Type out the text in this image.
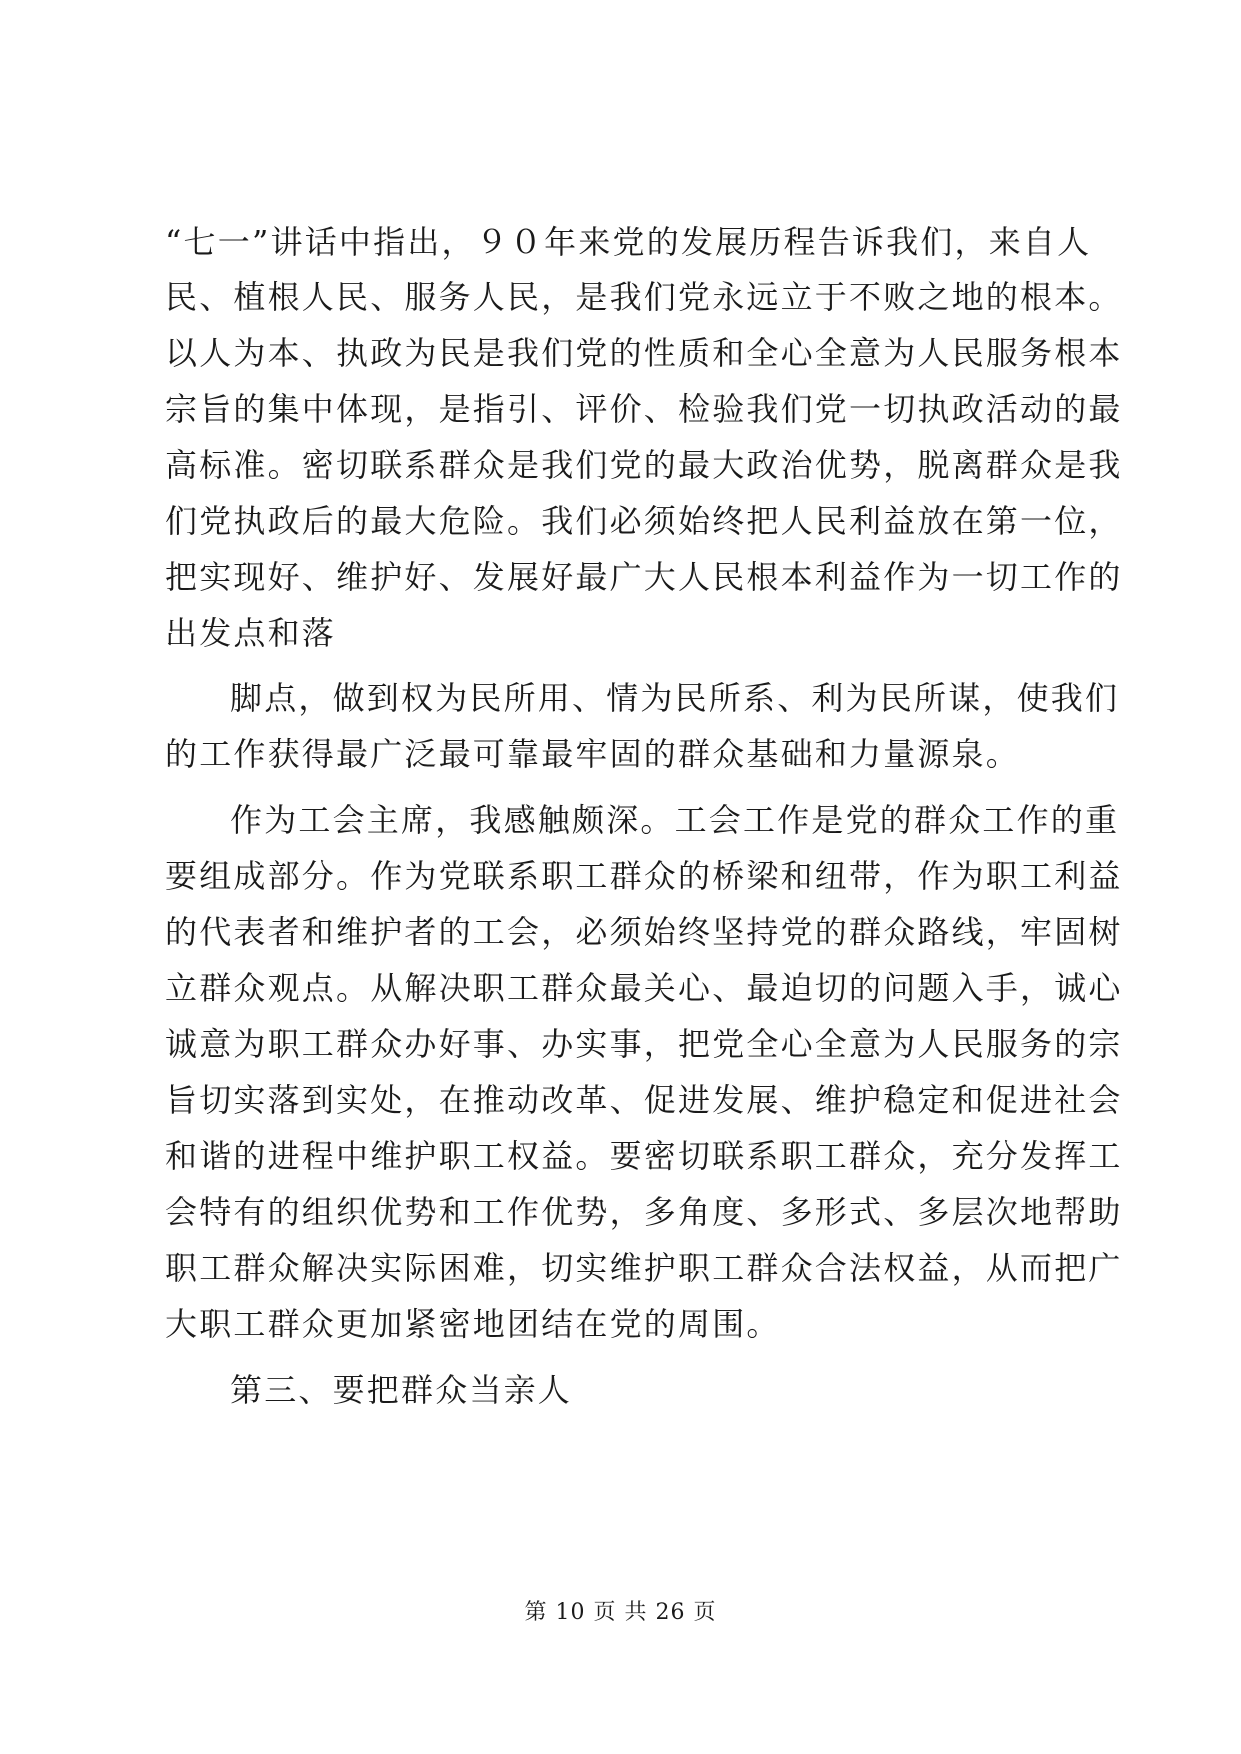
“七一”讲话中指出，９０年来党的发展历程告诉我们，来自人
民、植根人民、服务人民，是我们党永远立于不败之地的根本。
以人为本、执政为民是我们党的性质和全心全意为人民服务根本
宗旨的集中体现，是指引、评价、检验我们党一切执政活动的最
高标准。密切联系群众是我们党的最大政治优势，脱离群众是我
们党执政后的最大危险。我们必须始终把人民利益放在第一位，
把实现好、维护好、发展好最广大人民根本利益作为一切工作的
出发点和落
脚点，做到权为民所用、情为民所系、利为民所谋，使我们
的工作获得最广泛最可靠最牢固的群众基础和力量源泉。
作为工会主席，我感触颇深。工会工作是党的群众工作的重
要组成部分。作为党联系职工群众的桥梁和纽带，作为职工利益
的代表者和维护者的工会，必须始终坚持党的群众路线，牢固树
立群众观点。从解决职工群众最关心、最迫切的问题入手，诚心
诚意为职工群众办好事、办实事，把党全心全意为人民服务的宗
旨切实落到实处，在推动改革、促进发展、维护稳定和促进社会
和谐的进程中维护职工权益。要密切联系职工群众，充分发挥工
会特有的组织优势和工作优势，多角度、多形式、多层次地帮助
职工群众解决实际困难，切实维护职工群众合法权益，从而把广
大职工群众更加紧密地团结在党的周围。
第三、要把群众当亲人
第 10 页 共 26 页
